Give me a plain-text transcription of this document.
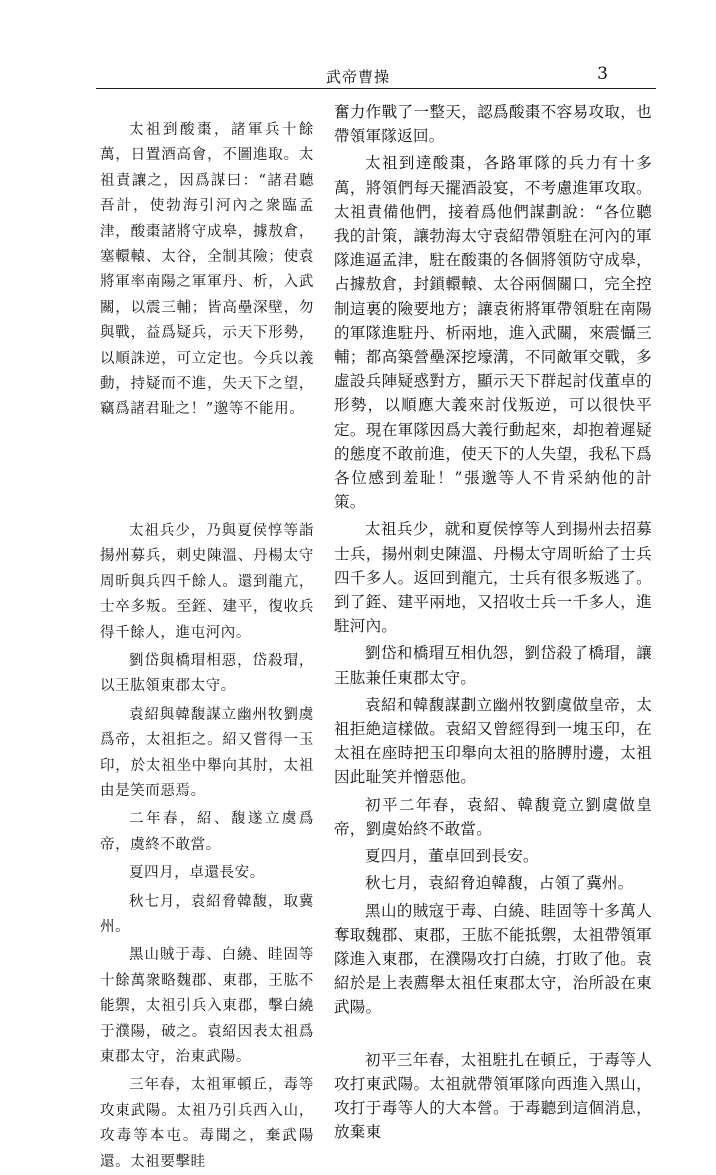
武帝曹操	3

太祖到酸棗，諸軍兵十餘萬，日置酒高會，不圖進取。太祖責讓之，因爲謀曰：“諸君聽吾計，使勃海引河內之衆臨孟津，酸棗諸將守成皋，據敖倉，塞轘轅、太谷，全制其險；使袁將軍率南陽之軍軍丹、析，入武關，以震三輔；皆高壘深壁，勿與戰，益爲疑兵，示天下形勢，以順誅逆，可立定也。今兵以義動，持疑而不進，失天下之望，竊爲諸君耻之！”邈等不能用。

太祖兵少，乃與夏侯惇等詣揚州募兵，刺史陳溫、丹楊太守周昕與兵四千餘人。還到龍亢，士卒多叛。至銍、建平，復收兵得千餘人，進屯河內。

劉岱與橋瑁相惡，岱殺瑁，以王肱領東郡太守。

袁紹與韓馥謀立幽州牧劉虞爲帝，太祖拒之。紹又嘗得一玉印，於太祖坐中舉向其肘，太祖由是笑而惡焉。

二年春，紹、馥遂立虞爲帝，虞終不敢當。

夏四月，卓還長安。

秋七月，袁紹脅韓馥，取冀州。

黑山賊于毒、白繞、眭固等十餘萬衆略魏郡、東郡，王肱不能禦，太祖引兵入東郡，擊白繞于濮陽，破之。袁紹因表太祖爲東郡太守，治東武陽。

三年春，太祖軍頓丘，毒等攻東武陽。太祖乃引兵西入山，攻毒等本屯。毒聞之，棄武陽還。太祖要擊眭

奮力作戰了一整天，認爲酸棗不容易攻取，也帶領軍隊返回。

太祖到達酸棗，各路軍隊的兵力有十多萬，將領們每天擺酒設宴，不考慮進軍攻取。太祖責備他們，接着爲他們謀劃說：“各位聽我的計策，讓勃海太守袁紹帶領駐在河內的軍隊進逼孟津，駐在酸棗的各個將領防守成皋，占據敖倉，封鎖轘轅、太谷兩個關口，完全控制這裏的險要地方；讓袁術將軍帶領駐在南陽的軍隊進駐丹、析兩地，進入武關，來震懾三輔；都高築營壘深挖壕溝，不同敵軍交戰，多虛設兵陣疑惑對方，顯示天下群起討伐董卓的形勢，以順應大義來討伐叛逆，可以很快平定。現在軍隊因爲大義行動起來，却抱着遲疑的態度不敢前進，使天下的人失望，我私下爲各位感到羞耻！”張邈等人不肯采納他的計策。

太祖兵少，就和夏侯惇等人到揚州去招募士兵，揚州刺史陳溫、丹楊太守周昕給了士兵四千多人。返回到龍亢，士兵有很多叛逃了。到了銍、建平兩地，又招收士兵一千多人，進駐河內。

劉岱和橋瑁互相仇怨，劉岱殺了橋瑁，讓王肱兼任東郡太守。

袁紹和韓馥謀劃立幽州牧劉虞做皇帝，太祖拒絶這樣做。袁紹又曾經得到一塊玉印，在太祖在座時把玉印舉向太祖的胳膊肘邊，太祖因此耻笑并憎惡他。

初平二年春，袁紹、韓馥竟立劉虞做皇帝，劉虞始終不敢當。

夏四月，董卓回到長安。

秋七月，袁紹脅迫韓馥，占領了冀州。

黑山的賊寇于毒、白繞、眭固等十多萬人奪取魏郡、東郡，王肱不能抵禦，太祖帶領軍隊進入東郡，在濮陽攻打白繞，打敗了他。袁紹於是上表薦舉太祖任東郡太守，治所設在東武陽。

初平三年春，太祖駐扎在頓丘，于毒等人攻打東武陽。太祖就帶領軍隊向西進入黑山，攻打于毒等人的大本營。于毒聽到這個消息，放棄東
